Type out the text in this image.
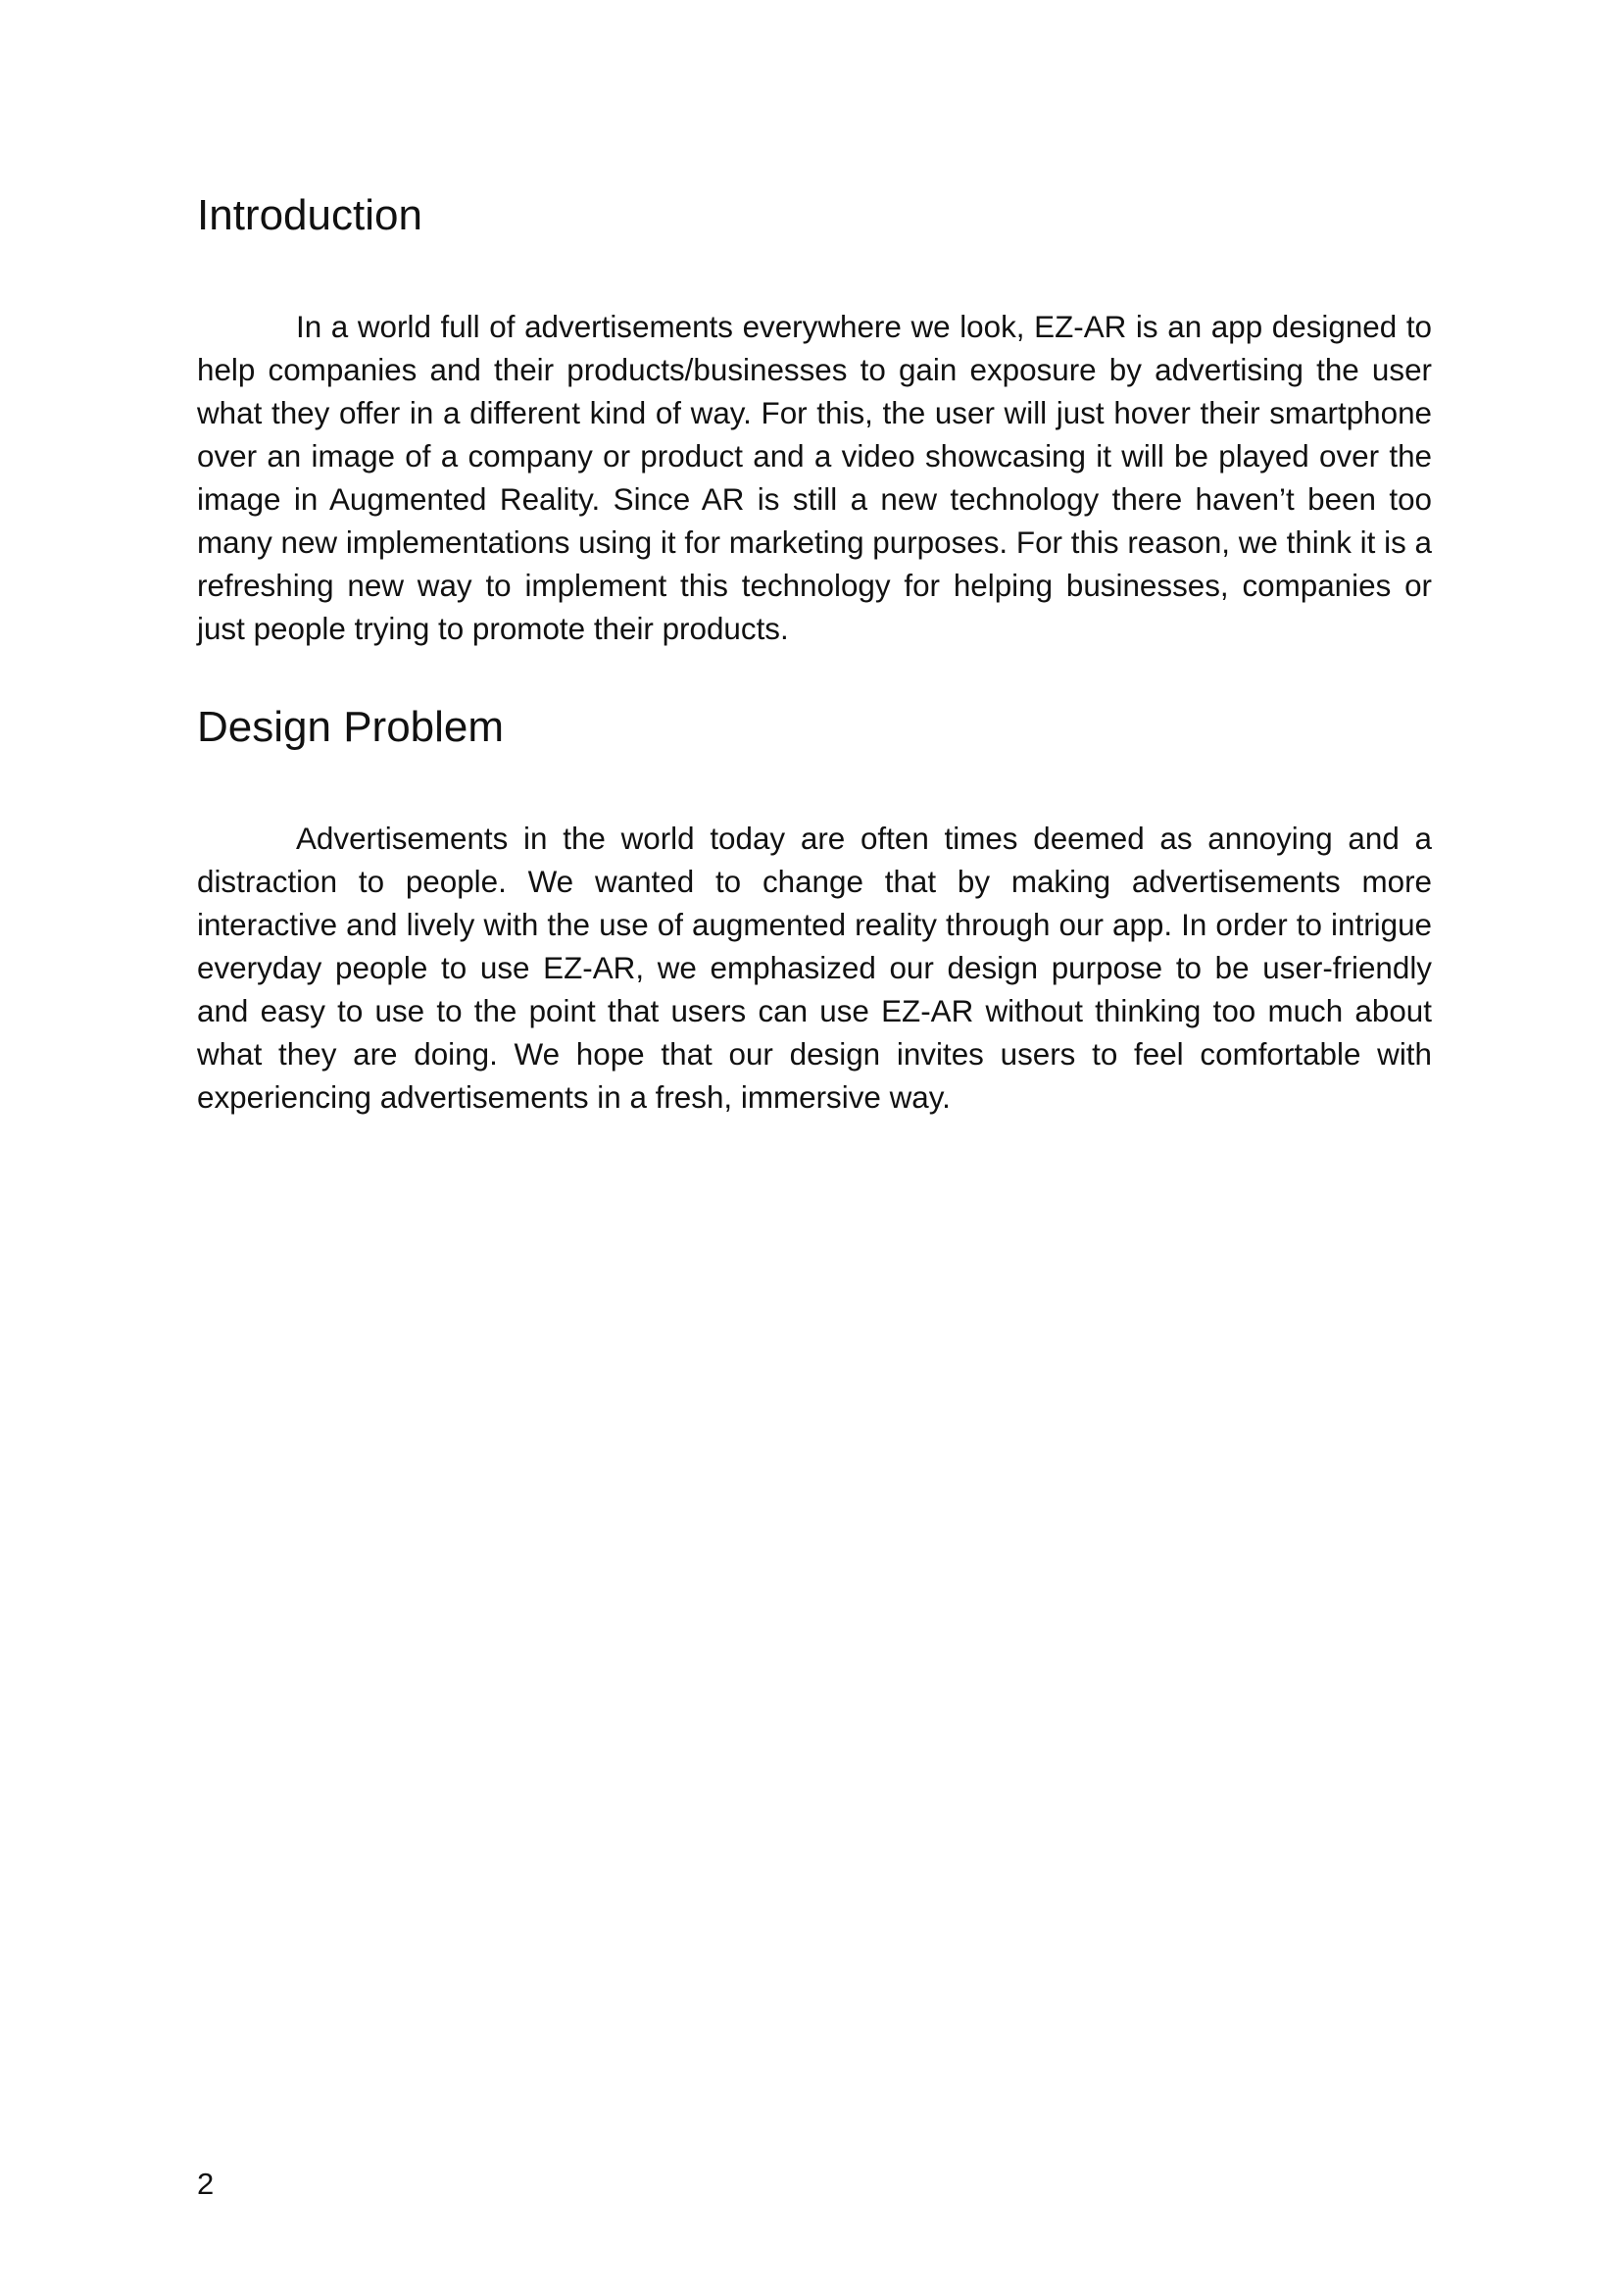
Introduction

In a world full of advertisements everywhere we look, EZ-AR is an app designed to help companies and their products/businesses to gain exposure by advertising the user what they offer in a different kind of way. For this, the user will just hover their smartphone over an image of a company or product and a video showcasing it will be played over the image in Augmented Reality. Since AR is still a new technology there haven’t been too many new implementations using it for marketing purposes. For this reason, we think it is a refreshing new way to implement this technology for helping businesses, companies or just people trying to promote their products.

Design Problem

Advertisements in the world today are often times deemed as annoying and a distraction to people. We wanted to change that by making advertisements more interactive and lively with the use of augmented reality through our app. In order to intrigue everyday people to use EZ-AR, we emphasized our design purpose to be user-friendly and easy to use to the point that users can use EZ-AR without thinking too much about what they are doing. We hope that our design invites users to feel comfortable with experiencing advertisements in a fresh, immersive way.

2
